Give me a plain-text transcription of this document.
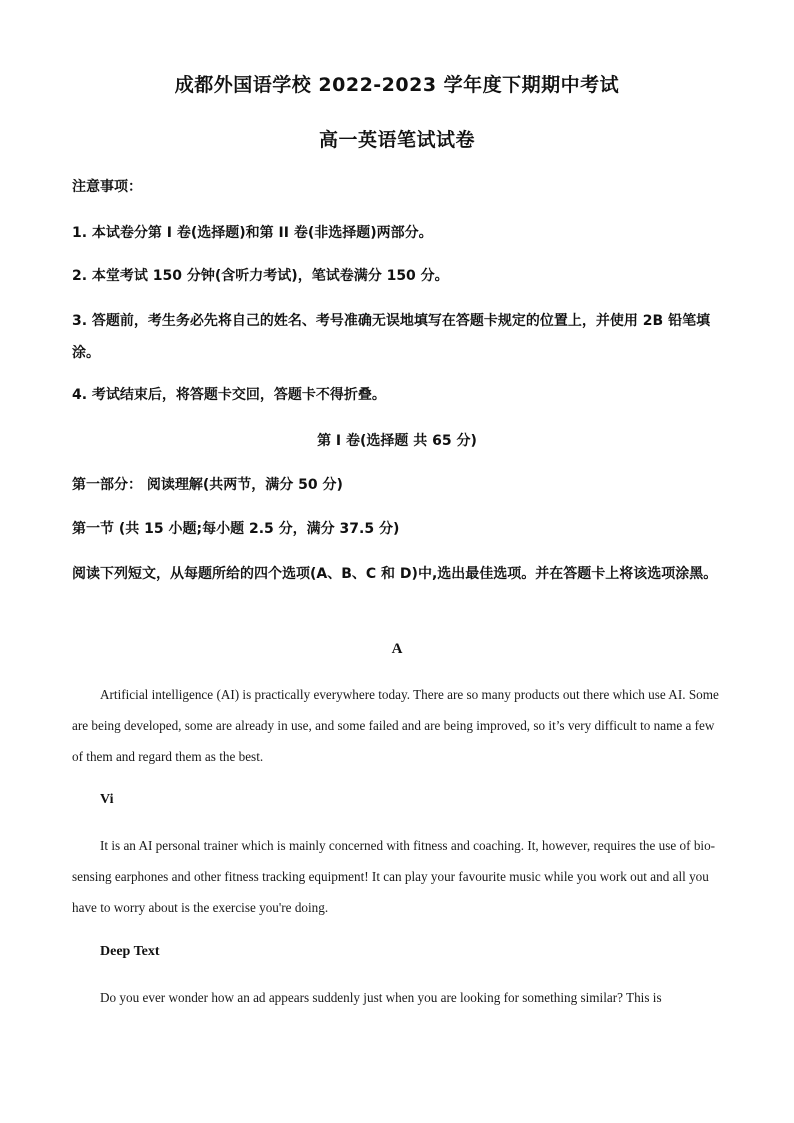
成都外国语学校 2022-2023 学年度下期期中考试
高一英语笔试试卷
注意事项：
1. 本试卷分第 I 卷(选择题)和第 II 卷(非选择题)两部分。
2. 本堂考试 150 分钟(含听力考试)，笔试卷满分 150 分。
3. 答题前，考生务必先将自己的姓名、考号准确无误地填写在答题卡规定的位置上，并使用 2B 铅笔填涂。
4. 考试结束后，将答题卡交回，答题卡不得折叠。
第 I 卷(选择题 共 65 分)
第一部分： 阅读理解(共两节，满分 50 分)
第一节 (共 15 小题;每小题 2.5 分，满分 37.5 分)
阅读下列短文，从每题所给的四个选项(A、B、C 和 D)中,选出最佳选项。并在答题卡上将该选项涂黑。
A
Artificial intelligence (AI) is practically everywhere today. There are so many products out there which use AI. Some are being developed, some are already in use, and some failed and are being improved, so it’s very difficult to name a few of them and regard them as the best.
Vi
It is an AI personal trainer which is mainly concerned with fitness and coaching. It, however, requires the use of bio-sensing earphones and other fitness tracking equipment! It can play your favourite music while you work out and all you have to worry about is the exercise you're doing.
Deep Text
Do you ever wonder how an ad appears suddenly just when you are looking for something similar? This is
